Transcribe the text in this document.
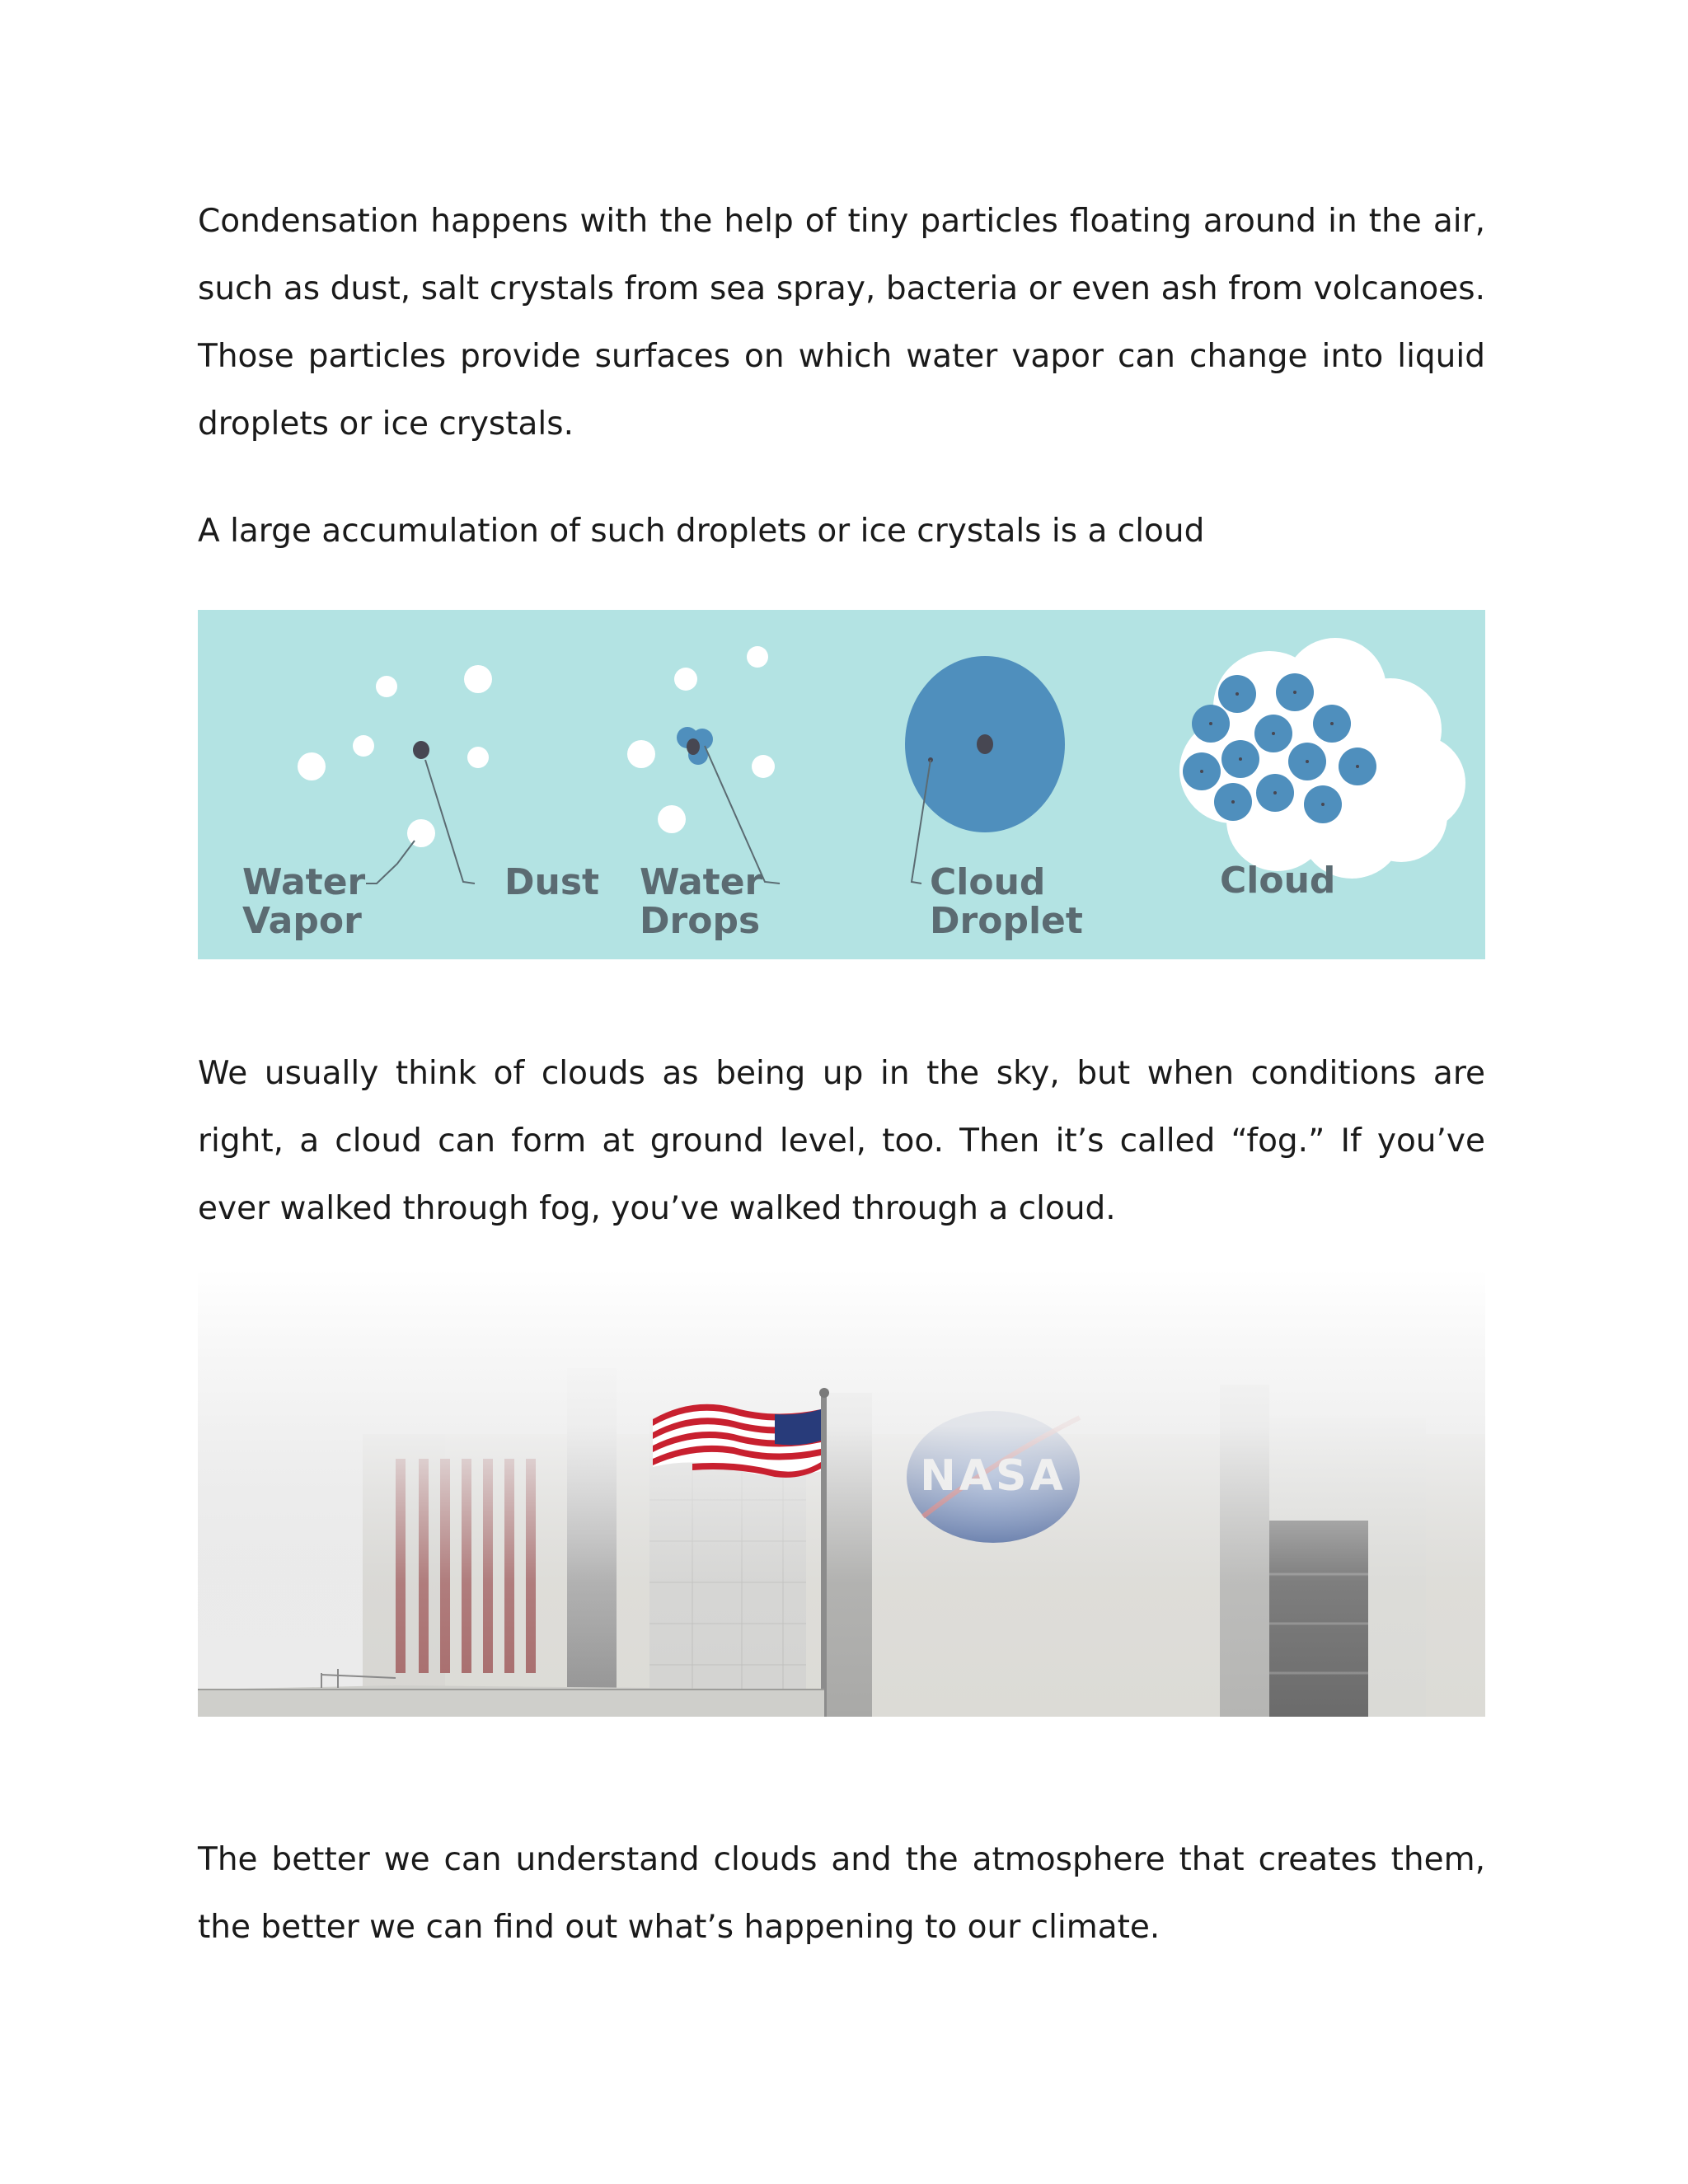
Condensation happens with the help of tiny particles floating around in the air, such as dust, salt crystals from sea spray, bacteria or even ash from volcanoes. Those particles provide surfaces on which water vapor can change into liquid droplets or ice crystals.

A large accumulation of such droplets or ice crystals is a cloud

Water
Vapor
Dust Water
Drops
Cloud
Droplet
Cloud

We usually think of clouds as being up in the sky, but when conditions are right, a cloud can form at ground level, too. Then it’s called “fog.” If you’ve ever walked through fog, you’ve walked through a cloud.

The better we can understand clouds and the atmosphere that creates them, the better we can find out what’s happening to our climate.
